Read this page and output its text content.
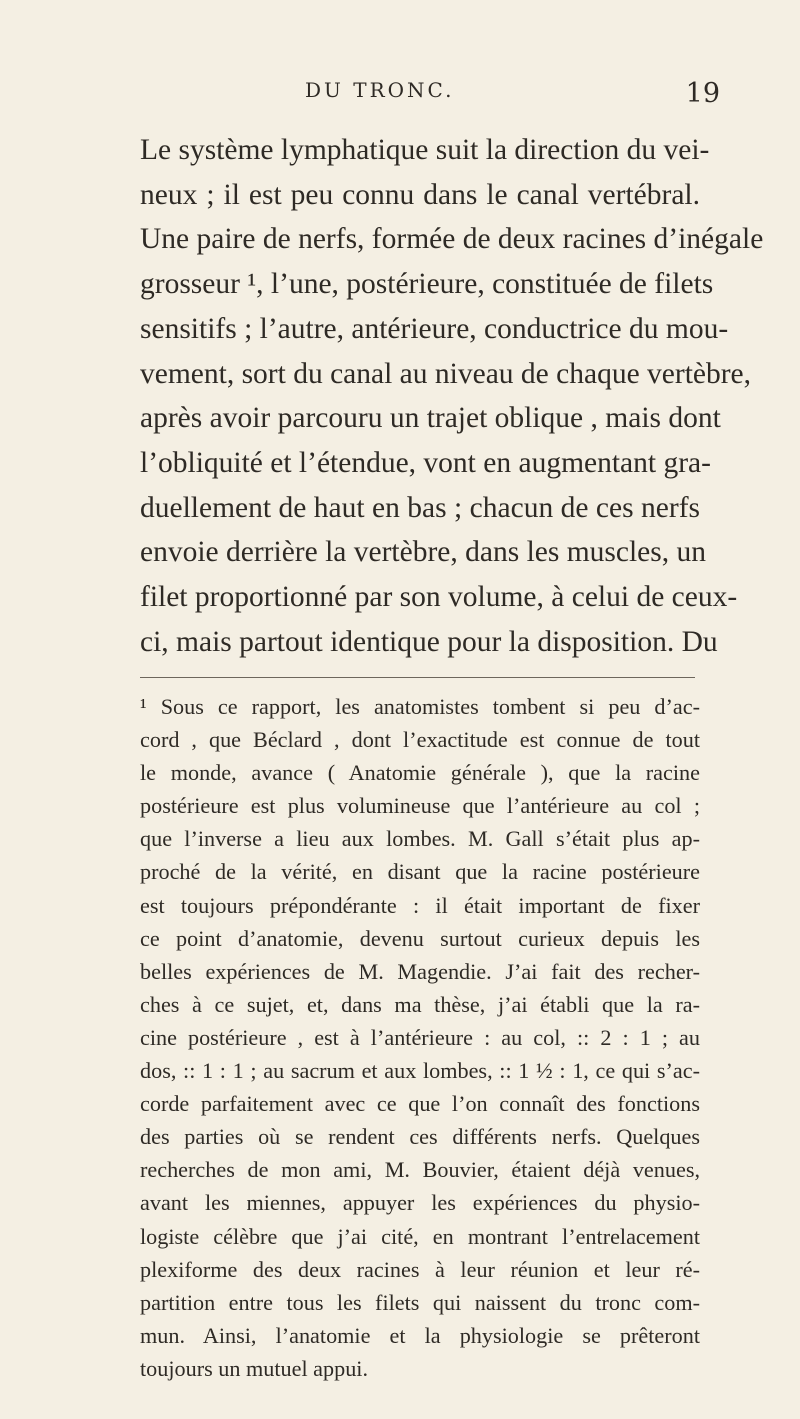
DU TRONC.	19
Le système lymphatique suit la direction du vei-
neux ; il est peu connu dans le canal vertébral.
Une paire de nerfs, formée de deux racines d’inégale
grosseur ¹, l’une, postérieure, constituée de filets
sensitifs ; l’autre, antérieure, conductrice du mou-
vement, sort du canal au niveau de chaque vertèbre,
après avoir parcouru un trajet oblique , mais dont
l’obliquité et l’étendue, vont en augmentant gra-
duellement de haut en bas ; chacun de ces nerfs
envoie derrière la vertèbre, dans les muscles, un
filet proportionné par son volume, à celui de ceux-
ci, mais partout identique pour la disposition. Du
¹ Sous ce rapport, les anatomistes tombent si peu d’ac-
cord , que Béclard , dont l’exactitude est connue de tout
le monde, avance ( Anatomie générale ), que la racine
postérieure est plus volumineuse que l’antérieure au col ;
que l’inverse a lieu aux lombes. M. Gall s’était plus ap-
proché de la vérité, en disant que la racine postérieure
est toujours prépondérante : il était important de fixer
ce point d’anatomie, devenu surtout curieux depuis les
belles expériences de M. Magendie. J’ai fait des recher-
ches à ce sujet, et, dans ma thèse, j’ai établi que la ra-
cine postérieure , est à l’antérieure : au col, :: 2 : 1 ; au
dos, :: 1 : 1 ; au sacrum et aux lombes, :: 1 ½ : 1, ce qui s’ac-
corde parfaitement avec ce que l’on connaît des fonctions
des parties où se rendent ces différents nerfs. Quelques
recherches de mon ami, M. Bouvier, étaient déjà venues,
avant les miennes, appuyer les expériences du physio-
logiste célèbre que j’ai cité, en montrant l’entrelacement
plexiforme des deux racines à leur réunion et leur ré-
partition entre tous les filets qui naissent du tronc com-
mun. Ainsi, l’anatomie et la physiologie se prêteront
toujours un mutuel appui.
